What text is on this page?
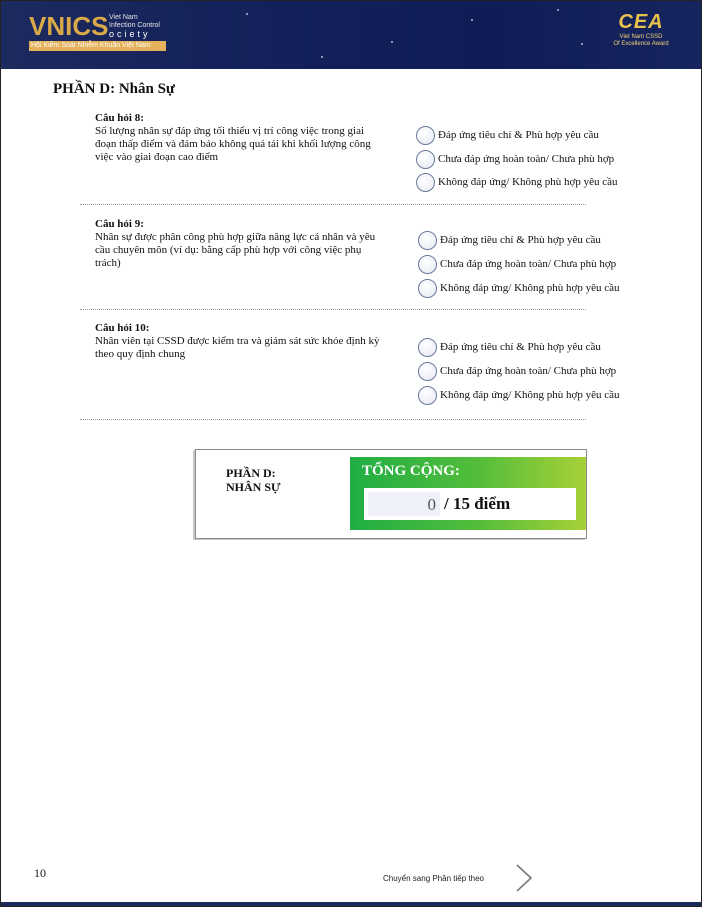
VNICS Viet Nam
Infection Control
ociety
Hội Kiểm Soát Nhiễm Khuẩn Việt Nam
CEA
Viet Nam CSSD
Of Excellence Award
PHẦN D: Nhân Sự
Câu hỏi 8:
Số lượng nhân sự đáp ứng tối thiểu vị trí công việc trong giai đoạn thấp điểm và đảm bảo không quá tải khi khối lượng công việc vào giai đoạn cao điểm
Đáp ứng tiêu chí & Phù hợp yêu cầu
Chưa đáp ứng hoàn toàn/ Chưa phù hợp
Không đáp ứng/ Không phù hợp yêu cầu
Câu hỏi 9:
Nhân sự được phân công phù hợp giữa năng lực cá nhân và yêu cầu chuyên môn (ví dụ: bằng cấp phù hợp với công việc phụ trách)
Đáp ứng tiêu chí & Phù hợp yêu cầu
Chưa đáp ứng hoàn toàn/ Chưa phù hợp
Không đáp ứng/ Không phù hợp yêu cầu
Câu hỏi 10:
Nhân viên tại CSSD được kiểm tra và giám sát sức khỏe định kỳ theo quy định chung
Đáp ứng tiêu chí & Phù hợp yêu cầu
Chưa đáp ứng hoàn toàn/ Chưa phù hợp
Không đáp ứng/ Không phù hợp yêu cầu
PHẦN D:
NHÂN SỰ
TỔNG CỘNG:
0 / 15 điểm
10	Chuyển sang Phần tiếp theo
